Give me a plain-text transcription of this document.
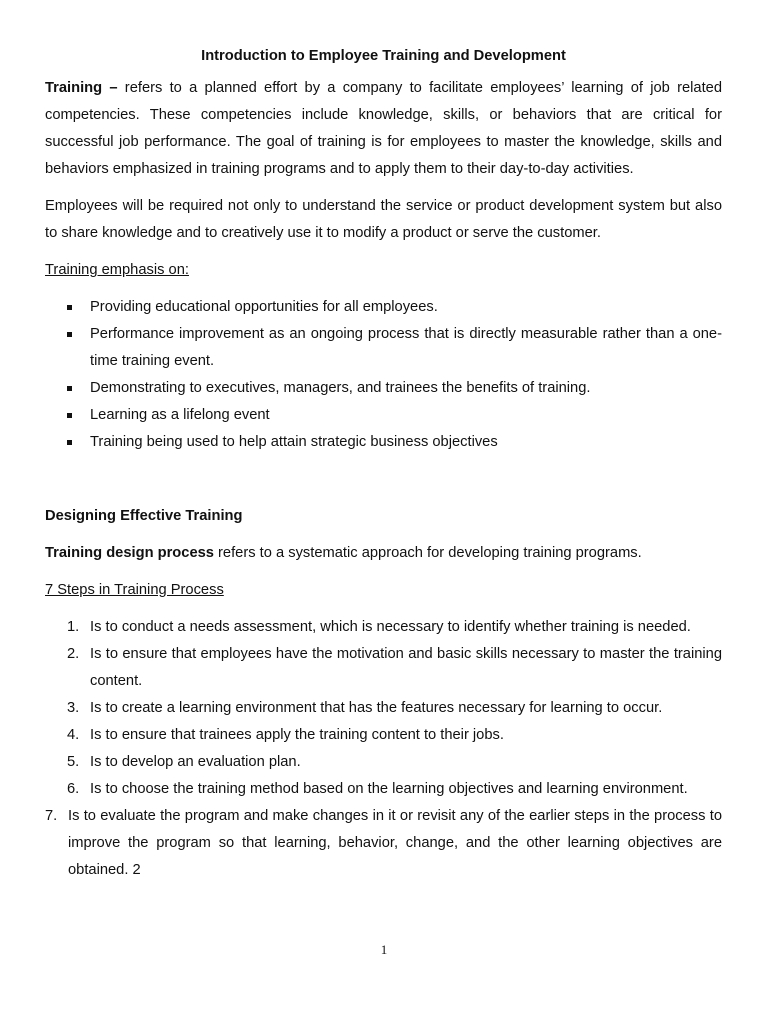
Introduction to Employee Training and Development

Training – refers to a planned effort by a company to facilitate employees’ learning of job related competencies. These competencies include knowledge, skills, or behaviors that are critical for successful job performance. The goal of training is for employees to master the knowledge, skills and behaviors emphasized in training programs and to apply them to their day-to-day activities.

Employees will be required not only to understand the service or product development system but also to share knowledge and to creatively use it to modify a product or serve the customer.

Training emphasis on:

Providing educational opportunities for all employees.
Performance improvement as an ongoing process that is directly measurable rather than a one-time training event.
Demonstrating to executives, managers, and trainees the benefits of training.
Learning as a lifelong event
Training being used to help attain strategic business objectives

Designing Effective Training

Training design process refers to a systematic approach for developing training programs.

7 Steps in Training Process

1. Is to conduct a needs assessment, which is necessary to identify whether training is needed.
2. Is to ensure that employees have the motivation and basic skills necessary to master the training content.
3. Is to create a learning environment that has the features necessary for learning to occur.
4. Is to ensure that trainees apply the training content to their jobs.
5. Is to develop an evaluation plan.
6. Is to choose the training method based on the learning objectives and learning environment.
7. Is to evaluate the program and make changes in it or revisit any of the earlier steps in the process to improve the program so that learning, behavior, change, and the other learning objectives are obtained. 2
1
